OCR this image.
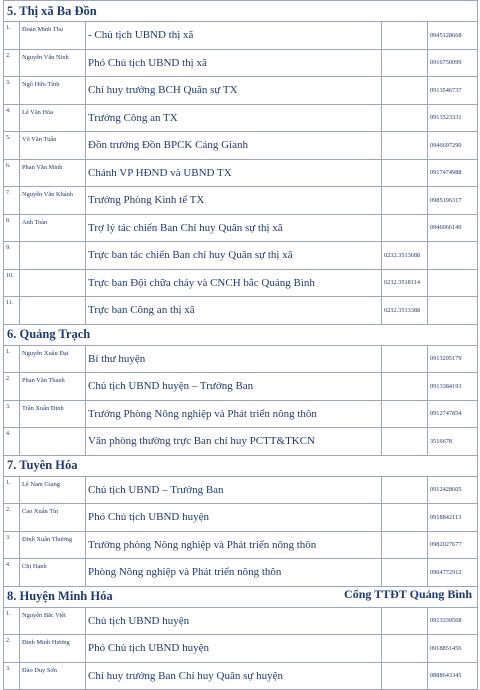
5. Thị xã Ba Đồn				
1.	Đoàn Minh Thọ	- Chủ tịch UBND thị xã		0945128668
2.	Nguyễn Văn Ninh	Phó Chủ tịch UBND thị xã		0916750099
3.	Ngô Hữu Tính	Chỉ huy trưởng BCH Quân sự TX		0913546737
4.	Lê Văn Hóa	Trưởng Công an TX		0913523331
5.	Võ Văn Tuấn	Đồn trưởng Đồn BPCK Cảng Gianh		0946697290
6.	Phan Văn Minh	Chánh VP HĐND và UBND TX		0917474988
7.	Nguyễn Văn Khánh	Trưởng Phòng Kinh tế TX		0985196317
8.	Anh Toàn	Trợ lý tác chiến Ban Chỉ huy Quân sự thị xã		0946066149
9.		Trực ban tác chiến Ban chỉ huy Quân sự thị xã	0232.3513688	
10.		Trực ban Đội chữa cháy và CNCH bắc Quảng Bình	0232.3518114	
11.		Trực ban Công an thị xã	0232.3513388	
6. Quảng Trạch				
1.	Nguyễn Xuân Đạt	Bí thư huyện		0913295179
2.	Phan Văn Thanh	Chủ tịch UBND huyện – Trưởng Ban		0913384193
3.	Trần Xuân Định	Trưởng Phòng Nông nghiệp và Phát triển nông thôn		0912747854
4.		Văn phòng thường trực Ban chỉ huy PCTT&TKCN		3516678
7. Tuyên Hóa				
1.	Lê Nam Giang	Chủ tịch UBND – Trưởng Ban		0912428605
2.	Cao Xuân Tín	Phó Chủ tịch UBND huyện		0918842113
3.	Đinh Xuân Thương	Trưởng phòng Nông nghiệp và Phát triển nông thôn		0982027677
4.	Chị Hạnh	Phòng Nông nghiệp và Phát triển nông thôn		0904772912
8. Huyện Minh Hóa				
1.	Nguyễn Bắc Việt	Chủ tịch UBND huyện		0913339568
2.	Đinh Minh Hương	Phó Chủ tịch UBND huyện		0918851456
3.	Đào Duy Sơn	Chỉ huy trưởng Ban Chỉ huy Quân sự huyện		0888643345
Cổng TTĐT Quảng Bình
